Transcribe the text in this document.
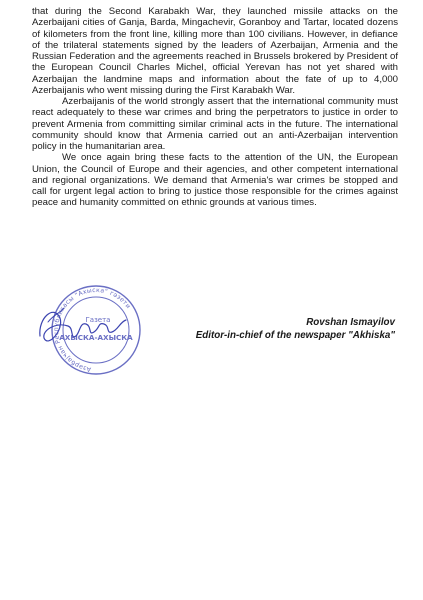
that during the Second Karabakh War, they launched missile attacks on the Azerbaijani cities of Ganja, Barda, Mingachevir, Goranboy and Tartar, located dozens of kilometers from the front line, killing more than 100 civilians. However, in defiance of the trilateral statements signed by the leaders of Azerbaijan, Armenia and the Russian Federation and the agreements reached in Brussels brokered by President of the European Council Charles Michel, official Yerevan has not yet shared with Azerbaijan the landmine maps and information about the fate of up to 4,000 Azerbaijanis who went missing during the First Karabakh War.

Azerbaijanis of the world strongly assert that the international community must react adequately to these war crimes and bring the perpetrators to justice in order to prevent Armenia from committing similar criminal acts in the future. The international community should know that Armenia carried out an anti-Azerbaijan intervention policy in the humanitarian area.

We once again bring these facts to the attention of the UN, the European Union, the Council of Europe and their agencies, and other competent international and regional organizations. We demand that Armenia's war crimes be stopped and call for urgent legal action to bring to justice those responsible for the crimes against peace and humanity committed on ethnic grounds at various times.

Азәрбајҹан Республикасы "Ахыска" гәзети
Газета
АХЫСКА-АХЫСКА
Rovshan Ismayilov
Editor-in-chief of the newspaper "Akhiska"
